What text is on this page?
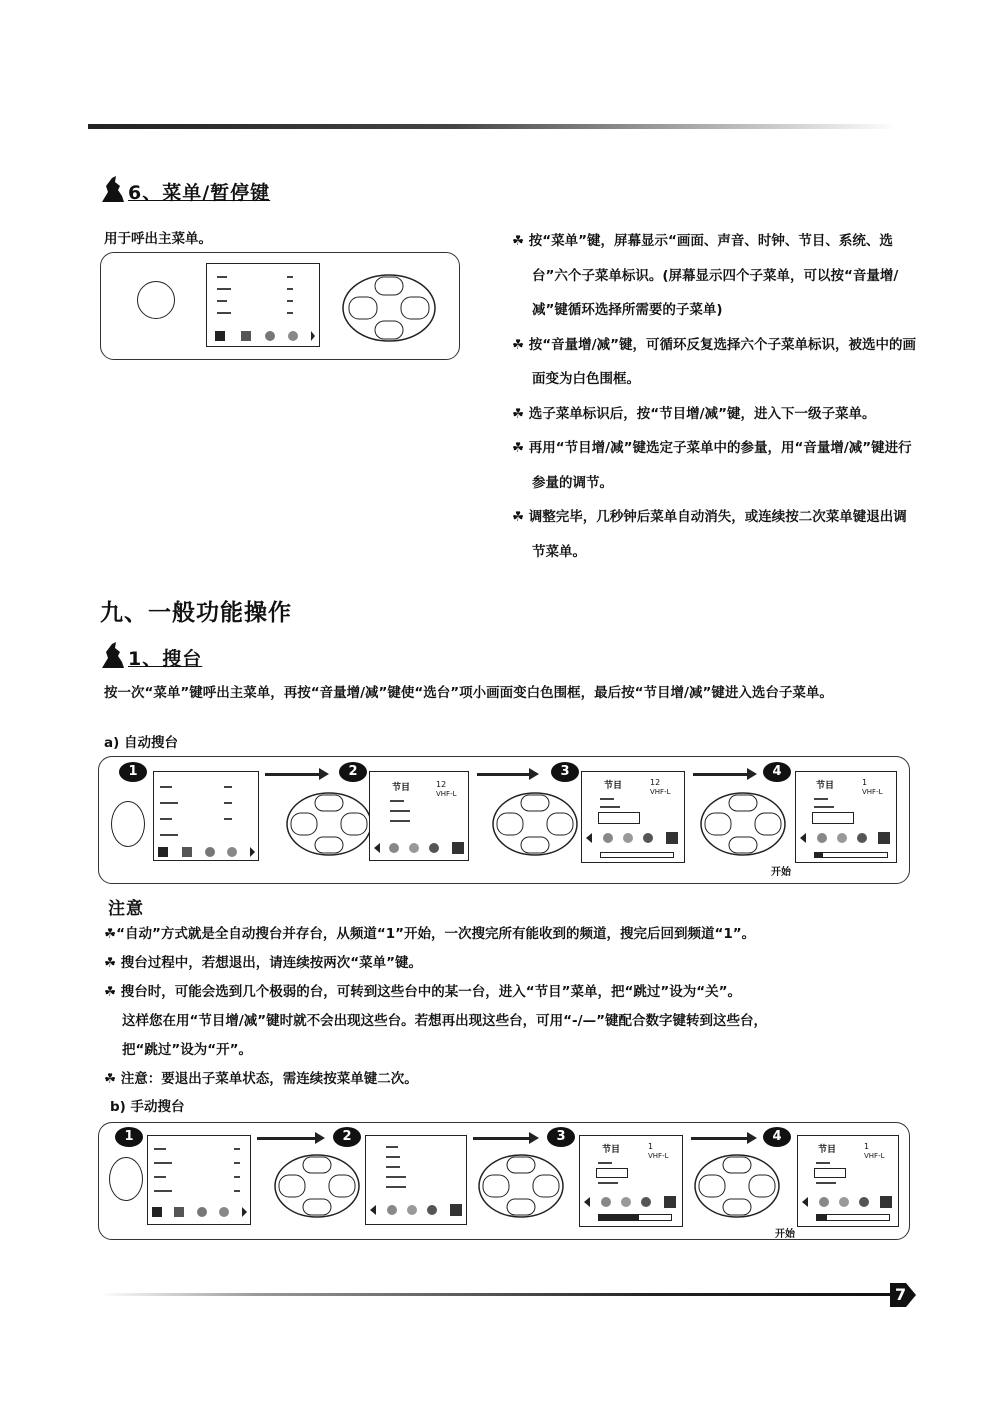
6、菜单/暂停键
用于呼出主菜单。	☘ 按“菜单”键，屏幕显示“画面、声音、时钟、节目、系统、选台”六个子菜单标识。(屏幕显示四个子菜单，可以按“音量增/减”键循环选择所需要的子菜单)

☘ 按“音量增/减”键，可循环反复选择六个子菜单标识，被选中的画面变为白色围框。

☘ 选子菜单标识后，按“节目增/减”键，进入下一级子菜单。

☘ 再用“节目增/减”键选定子菜单中的参量，用“音量增/减”键进行参量的调节。

☘ 调整完毕，几秒钟后菜单自动消失，或连续按二次菜单键退出调节菜单。

九、一般功能操作
1、搜台
按一次“菜单”键呼出主菜单，再按“音量增/减”键使“选台”项小画面变白色围框，最后按“节目增/减”键进入选台子菜单。
a) 自动搜台
1	2
节目	12
VHF-L
3
节目	12
VHF-L
4
节目	1
VHF-L
开始
注意

☘“自动”方式就是全自动搜台并存台，从频道“1”开始，一次搜完所有能收到的频道，搜完后回到频道“1”。

☘ 搜台过程中，若想退出，请连续按两次“菜单”键。

☘ 搜台时，可能会选到几个极弱的台，可转到这些台中的某一台，进入“节目”菜单，把“跳过”设为“关”。

这样您在用“节目增/减”键时就不会出现这些台。若想再出现这些台，可用“-/—”键配合数字键转到这些台，

把“跳过”设为“开”。

☘ 注意：要退出子菜单状态，需连续按菜单键二次。

b) 手动搜台
1	2	3
节目	1
VHF-L
4
节目	1
VHF-L
开始
7
